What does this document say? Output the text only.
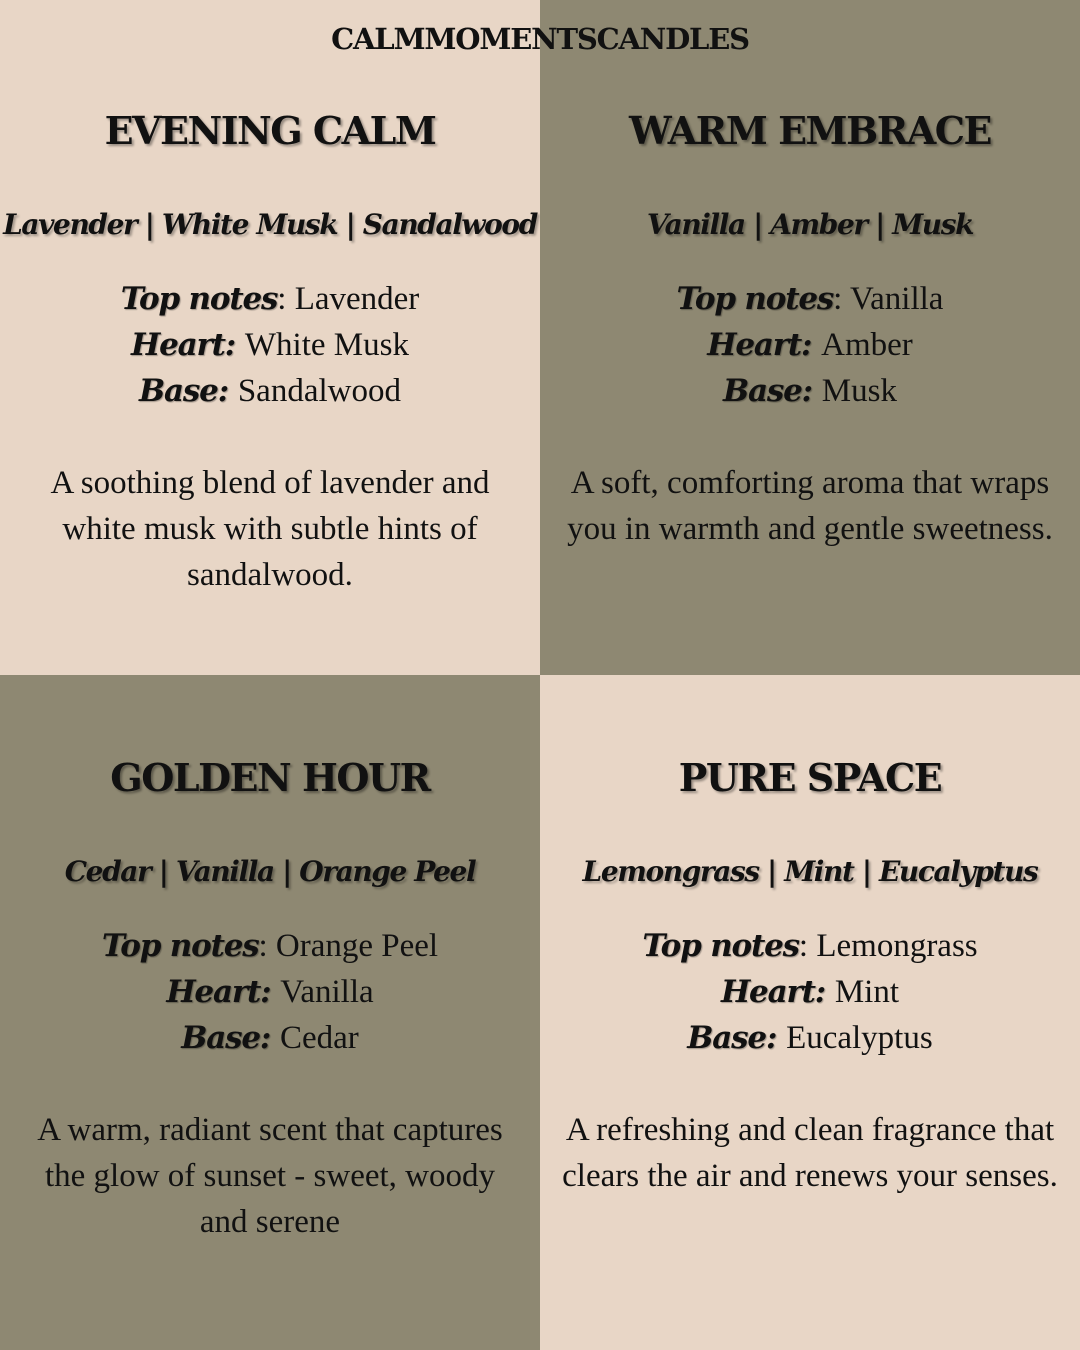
EVENING CALM
Lavender | White Musk | Sandalwood
Top notes: Lavender
Heart: White Musk
Base: Sandalwood
A soothing blend of lavender and white musk with subtle hints of sandalwood.
WARM EMBRACE
Vanilla | Amber | Musk
Top notes: Vanilla
Heart: Amber
Base: Musk
A soft, comforting aroma that wraps you in warmth and gentle sweetness.
GOLDEN HOUR
Cedar | Vanilla | Orange Peel
Top notes: Orange Peel
Heart: Vanilla
Base: Cedar
A warm, radiant scent that captures the glow of sunset - sweet, woody and serene
PURE SPACE
Lemongrass | Mint | Eucalyptus
Top notes: Lemongrass
Heart: Mint
Base: Eucalyptus
A refreshing and clean fragrance that clears the air and renews your senses.
CALMMOMENTSCANDLES
